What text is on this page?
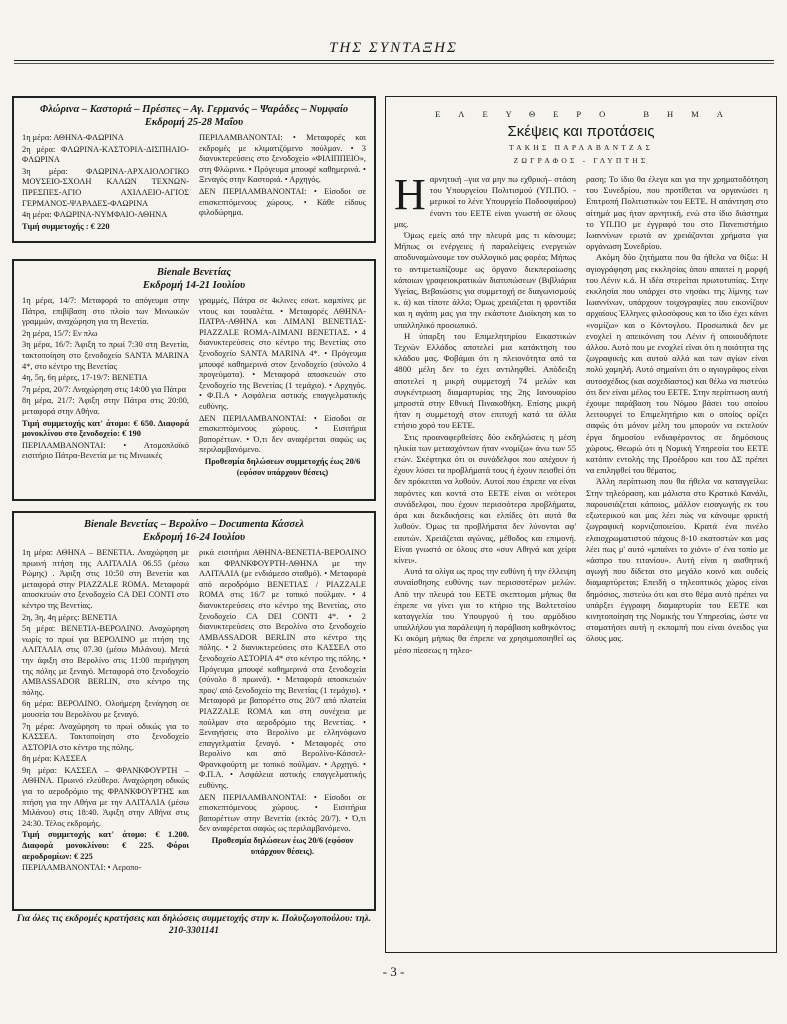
ΤΗΣ ΣΥΝΤΑΞΗΣ
Φλώρινα – Καστοριά – Πρέσπες – Αγ. Γερμανός – Ψαράδες – Νυμφαίο
Εκδρομή 25-28 Μαΐου

1η μέρα: ΑΘΗΝΑ-ΦΛΩΡΙΝΑ

2η μέρα: ΦΛΩΡΙΝΑ-ΚΑΣΤΟΡΙΑ-ΔΙΣΠΗΛΙΟ-ΦΛΩΡΙΝΑ

3η μέρα: ΦΛΩΡΙΝΑ-ΑΡΧΑΙΟΛΟΓΙΚΟ ΜΟΥΣΕΙΟ-ΣΧΟΛΗ ΚΑΛΩΝ ΤΕΧΝΩΝ-ΠΡΕΣΠΕΣ-ΑΓΙΟ ΑΧΙΛΛΕΙΟ-ΑΓΙΟΣ ΓΕΡΜΑΝΟΣ-ΨΑΡΑΔΕΣ-ΦΛΩΡΙΝΑ

4η μέρα: ΦΛΩΡΙΝΑ-ΝΥΜΦΑΙΟ-ΑΘΗΝΑ

Τιμή συμμετοχής : € 220

ΠΕΡΙΛΑΜΒΑΝΟΝΤΑΙ: • Μεταφορές και εκδρομές με κλιματιζόμενο πούλμαν. • 3 διανυκτερεύσεις στο ξενοδοχείο «ΦΙΛΙΠΠΕΙΟ», στη Φλώρινα. • Πρόγευμα μπουφέ καθημερινά. • Ξεναγός στην Καστοριά. • Αρχηγός.

ΔΕΝ ΠΕΡΙΛΑΜΒΑΝΟΝΤΑΙ: • Είσοδοι σε επισκεπτόμενους χώρους. • Κάθε είδους φιλοδώρημα.

Bienale Βενετίας
Εκδρομή 14-21 Ιουλίου

1η μέρα, 14/7: Μεταφορά το απόγευμα στην Πάτρα, επιβίβαση στο πλοίο των Μινωικών γραμμών, αναχώρηση για τη Βενετία.

2η μέρα, 15/7: Εν πλω

3η μέρα, 16/7: Άφιξη το πρωί 7:30 στη Βενετία, τακτοποίηση στο ξενοδοχείο SANTA MARINA 4*, στο κέντρο της Βενετίας

4η, 5η, 6η μέρες, 17-19/7: ΒΕΝΕΤΙΑ

7η μέρα, 20/7: Αναχώρηση στις 14:00 για Πάτρα

8η μέρα, 21/7: Άφιξη στην Πάτρα στις 20:00, μεταφορά στην Αθήνα.

Τιμή συμμετοχής κατ' άτομο: € 650. Διαφορά μονοκλίνου στο ξενοδοχείο: € 190

ΠΕΡΙΛΑΜΒΑΝΟΝΤΑΙ: • Ατομοπλοϊκό εισιτήριο Πάτρα-Βενετία με τις Μινωικές

γραμμές, Πάτρα σε 4κλινες εσωτ. καμπίνες με ντους και τουαλέτα. • Μεταφορές ΑΘΗΝΑ-ΠΑΤΡΑ-ΑΘΗΝΑ και ΛΙΜΑΝΙ ΒΕΝΕΤΙΑΣ-PIAZZALE ROMA-ΛΙΜΑΝΙ ΒΕΝΕΤΙΑΣ. • 4 διανυκτερεύσεις στο κέντρο της Βενετίας στο ξενοδοχείο SANTA MARINA 4*. • Πρόγευμα μπουφέ καθημερινά στον ξενοδοχείο (σύνολο 4 προγεύματα). • Μεταφορά αποσκευών στο ξενοδοχείο της Βενετίας (1 τεμάχιο). • Αρχηγός. • Φ.Π.Α • Ασφάλεια αστικής επαγγελματικής ευθύνης.

ΔΕΝ ΠΕΡΙΛΑΜΒΑΝΟΝΤΑΙ: • Είσοδοι σε επισκεπτόμενους χώρους. • Εισιτήρια βαπορέττων. • Ό,τι δεν αναφέρεται σαφώς ως περιλαμβανόμενο.

Προθεσμία δηλώσεων συμμετοχής έως 20/6 (εφόσον υπάρχουν θέσεις)

Bienale Βενετίας – Βερολίνο – Documenta Κάσσελ
Εκδρομή 16-24 Ιουλίου

1η μέρα: ΑΘΗΝΑ – ΒΕΝΕΤΙΑ. Αναχώρηση με πρωινή πτήση της ΑΛΙΤΑΛΙΑ 06.55 (μέσω Ρώμης) . Άφιξη στις 10:50 στη Βενετία και μεταφορά στην PIAZZALE ROMA. Μεταφορά αποσκευών στο ξενοδοχείο CA DEI CONTI στο κέντρο της Βενετίας.

2η, 3η, 4η μέρες: ΒΕΝΕΤΙΑ

5η μέρα: ΒΕΝΕΤΙΑ-ΒΕΡΟΛΙΝΟ. Αναχώρηση νωρίς το πρωί για ΒΕΡΟΛΙΝΟ με πτήση της ΑΛΙΤΑΛΙΑ στις 07.30 (μέσω Μιλάνου). Μετά την άφιξη στο Βερολίνο στις 11:00 περιήγηση της πόλης με ξεναγό. Μεταφορά στο ξενοδοχείο AMBASSADOR BERLIN, στο κέντρο της πόλης.

6η μέρα: ΒΕΡΟΛΙΝΟ. Ολοήμερη ξενάγηση σε μουσεία του Βερολίνου με ξεναγό.

7η μέρα: Αναχώρηση το πρωί οδικώς για το ΚΑΣΣΕΛ. Τακτοποίηση στο ξενοδοχείο ΑΣΤΟΡΙΑ στο κέντρο της πόλης.

8η μέρα: ΚΑΣΣΕΛ

9η μέρα: ΚΑΣΣΕΛ – ΦΡΑΝΚΦΟΥΡΤΗ – ΑΘΗΝΑ. Πρωινό ελεύθερο. Αναχώρηση οδικώς για το αεροδρόμιο της ΦΡΑΝΚΦΟΥΡΤΗΣ και πτήση για την Αθήνα με την ΑΛΙΤΑΛΙΑ (μέσω Μιλάνου) στις 18:40. Άφιξη στην Αθήνα στις 24:30. Τέλος εκδρομής.

Τιμή συμμετοχής κατ' άτομο: € 1.200. Διαφορά μονοκλίνου: € 225. Φόροι αεροδρομίων: € 225

ΠΕΡΙΛΑΜΒΑΝΟΝΤΑΙ: • Αεροπο-

ρικά εισιτήρια ΑΘΗΝΑ-ΒΕΝΕΤΙΑ-ΒΕΡΟΛΙΝΟ και ΦΡΑΝΚΦΟΥΡΤΗ-ΑΘΗΝΑ με την ΑΛΙΤΑΛΙΑ (με ενδιάμεσο σταθμό). • Μεταφορά από αεροδρόμιο ΒΕΝΕΤΙΑΣ / PIAZZALE ROMA στις 16/7 με τοπικό πούλμαν. • 4 διανυκτερεύσεις στο κέντρο της Βενετίας, στο ξενοδοχείο CA DEI CONTI 4*. • 2 διανυκτερεύσεις στο Βερολίνο στο ξενοδοχείο AMBASSADOR BERLIN στο κέντρο της πόλης. • 2 διανυκτερεύσεις στο ΚΑΣΣΕΛ στο ξενοδοχείο ΑΣΤΟΡΙΑ 4* στο κέντρο της πόλης. • Πρόγευμα μπουφέ καθημερινά στα ξενοδοχεία (σύνολο 8 πρωινά). • Μεταφορά αποσκευών προς/ από ξενοδοχείο της Βενετίας (1 τεμάχιο). • Μεταφορά με βαπορέττο στις 20/7 από πλατεία PIAZZALE ROMA και στη συνέχεια με πούλμαν στο αεροδρόμιο της Βενετίας. • Ξεναγήσεις στο Βερολίνο με ελληνόφωνο επαγγελματία ξεναγό. • Μεταφορές στο Βερολίνο και από Βερολίνο-Κάσσελ-Φρανκφούρτη με τοπικό πούλμαν. • Αρχηγό. • Φ.Π.Α. • Ασφάλεια αστικής επαγγελματικής ευθύνης.

ΔΕΝ ΠΕΡΙΛΑΜΒΑΝΟΝΤΑΙ: • Είσοδοι σε επισκεπτόμενους χώρους. • Εισιτήρια βαπορέττων στην Βενετία (εκτός 20/7). • Ό,τι δεν αναφέρεται σαφώς ως περιλαμβανόμενο.

Προθεσμία δηλώσεων έως 20/6 (εφόσον υπάρχουν θέσεις).

Για όλες τις εκδρομές κρατήσεις και δηλώσεις συμμετοχής στην κ. Πολυζωγοπούλου: τηλ. 210-3301141
ΕΛΕΥΘΕΡΟ ΒΗΜΑ
Σκέψεις και προτάσεις
ΤΑΚΗΣ ΠΑΡΛΑΒΑΝΤΖΑΣ
ΖΩΓΡΑΦΟΣ - ΓΛΥΠΤΗΣ

Ηαρνητική –για να μην πω εχθρική– στάση του Υπουργείου Πολιτισμού (ΥΠ.ΠΟ. - μερικοί το λένε Υπουργείο Ποδοσφαίρου) έναντι του ΕΕΤΕ είναι γνωστή σε όλους μας.

Όμως εμείς από την πλευρά μας τι κάνουμε; Μήπως οι ενέργειες ή παραλείψεις ενεργειών αποδυναμώνουμε τον συλλογικό μας φορέα; Μήπως το αντιμετωπίζουμε ως όργανο διεκπεραίωσης κάποιων γραφειοκρατικών διατυπώσεων (Βιβλιάρια Υγείας, Βεβαιώσεις για συμμετοχή σε διαγωνισμούς κ. ά) και τίποτε άλλο; Όμως χρειάζεται η φροντίδα και η αγάπη μας για την εκάστοτε Διοίκηση και το υπαλληλικό προσωπικό.

Η ύπαρξη του Επιμελητηρίου Εικαστικών Τεχνών Ελλάδος αποτελεί μια κατάκτηση του κλάδου μας. Φοβάμαι ότι η πλειονότητα από τα 4800 μέλη δεν το έχει αντιληφθεί. Απόδειξη αποτελεί η μικρή συμμετοχή 74 μελών και συγκέντρωση διαμαρτυρίας της 2ης Ιανουαρίου μπροστά στην Εθνική Πινακοθήκη. Επίσης μικρή ήταν η συμμετοχή στον επιτυχή κατά τα άλλα ετήσιο χορό του ΕΕΤΕ.

Στις προαναφερθείσες δύο εκδηλώσεις η μέση ηλικία των μετασχόντων ήταν «νομίζω» άνω των 55 ετών. Σκέφτηκα ότι οι συνάδελφοι που απέχουν ή έχουν λύσει τα προβλήματά τους ή έχουν πεισθεί ότι δεν πρόκειται να λυθούν. Αυτοί που έπρεπε να είναι παρόντες και κοντά στο ΕΕΤΕ είναι οι νεότεροι συνάδελφοι, που έχουν περισσότερα προβλήματα, άρα και διεκδικήσεις και ελπίδες ότι αυτά θα λυθούν. Όμως τα προβλήματα δεν λύνονται αφ' εαυτών. Χρειάζεται αγώνας, μέθοδος και επιμονή. Είναι γνωστό σε όλους στο «συν Αθηνά και χείρα κίνει».

Αυτά τα ολίγα ως προς την ευθύνη ή την έλλειψη συναίσθησης ευθύνης των περισσοτέρων μελών. Από την πλευρά του ΕΕΤΕ σκεπτομαι μήπως θα έπρεπε να γίνει για το κτήριο της Βαλτετσίου καταγγελία του Υπουργού ή του αρμόδιου υπαλλήλου για παράλειψη ή παράβαση καθηκόντος; Κι ακόμη μήπως θα έπρεπε να χρησιμοποιηθεί ως μέσο πίεσεως η τηλεο-

ραση; Το ίδιο θα έλεγα και για την χρηματοδότηση του Συνεδρίου, που προτίθεται να οργανώσει η Επιτροπή Πολιτιστικών του ΕΕΤΕ. Η απάντηση στο αίτημά μας ήταν αρνητική, ενώ στο ίδιο διάστημα το ΥΠ.ΠΟ με έγγραφό του στο Πανεπιστήμιο Ιωαννίνων ερωτά αν χρειάζονται χρήματα για οργάνωση Συνεδρίου.

Ακόμη δύο ζητήματα που θα ήθελα να θίξω: Η αγιογράφηση μας εκκλησίας όπου απαιτεί η μορφή του Λένιν κ.ά. Η ιδέα στερείται πρωτοτυπίας. Στην εκκλησία που υπάρχει στο νησάκι της λίμνης των Ιωαννίνων, υπάρχουν τοιχογραφίες που εικονίζουν αρχαίους Έλληνες φιλοσόφους και το ίδιο έχει κάνει «νομίζω» και ο Κόντογλου. Προσωπικά δεν με ενοχλεί η απεικόνιση του Λένιν ή οποιουδήποτε άλλου. Αυτό που με ενοχλεί είναι ότι η ποιότητα της ζωγραφικής και αυτού αλλά και των αγίων είναι πολύ χαμηλή. Αυτό σημαίνει ότι ο αγιογράφος είναι αυτοσχέδιος (και ασχεδίαστος) και θέλω να πιστεύω ότι δεν είναι μέλος του ΕΕΤΕ. Στην περίπτωση αυτή έχουμε παράβαση του Νόμου βάσει του οποίου λειτουργεί το Επιμελητήριο και ο οποίος ορίζει σαφώς ότι μόνον μέλη του μπορούν να εκτελούν έργα δημοσίου ενδιαφέροντος σε δημόσιους χώρους. Θεωρώ ότι η Νομική Υπηρεσία του ΕΕΤΕ κατόπιν εντολής της Προέδρου και του ΔΣ πρέπει να επιληφθεί του θέματος.

Άλλη περίπτωση που θα ήθελα να καταγγείλω: Στην τηλεόραση, και μάλιστα στο Κρατικό Κανάλι, παρουσιάζεται κάποιος, μάλλον εισαγωγής εκ του εξωτερικού και μας λέει πώς να κάνουμε φρικτή ζωγραφική κορνιζοποιείου. Κρατά ένα πινέλο ελαιοχρωματιστού πάχους 8-10 εκατοστών και μας λέει πως μ' αυτό «μπαίνει το χιόνι» σ' ένα τοπίο με «άσπρο του τιτανίου». Αυτή είναι η αισθητική αγωγή που δίδεται στο μεγάλο κοινό και ουδείς διαμαρτύρεται; Επειδή ο τηλεοπτικός χώρος είναι δημόσιος, πιστεύω ότι και στο θέμα αυτό πρέπει να υπάρξει έγγραφη διαμαρτυρία του ΕΕΤΕ και κινητοποίηση της Νομικής του Υπηρεσίας, ώστε να σταματήσει αυτή η εκπομπή που είναι όνειδος για όλους μας.

- 3 -
